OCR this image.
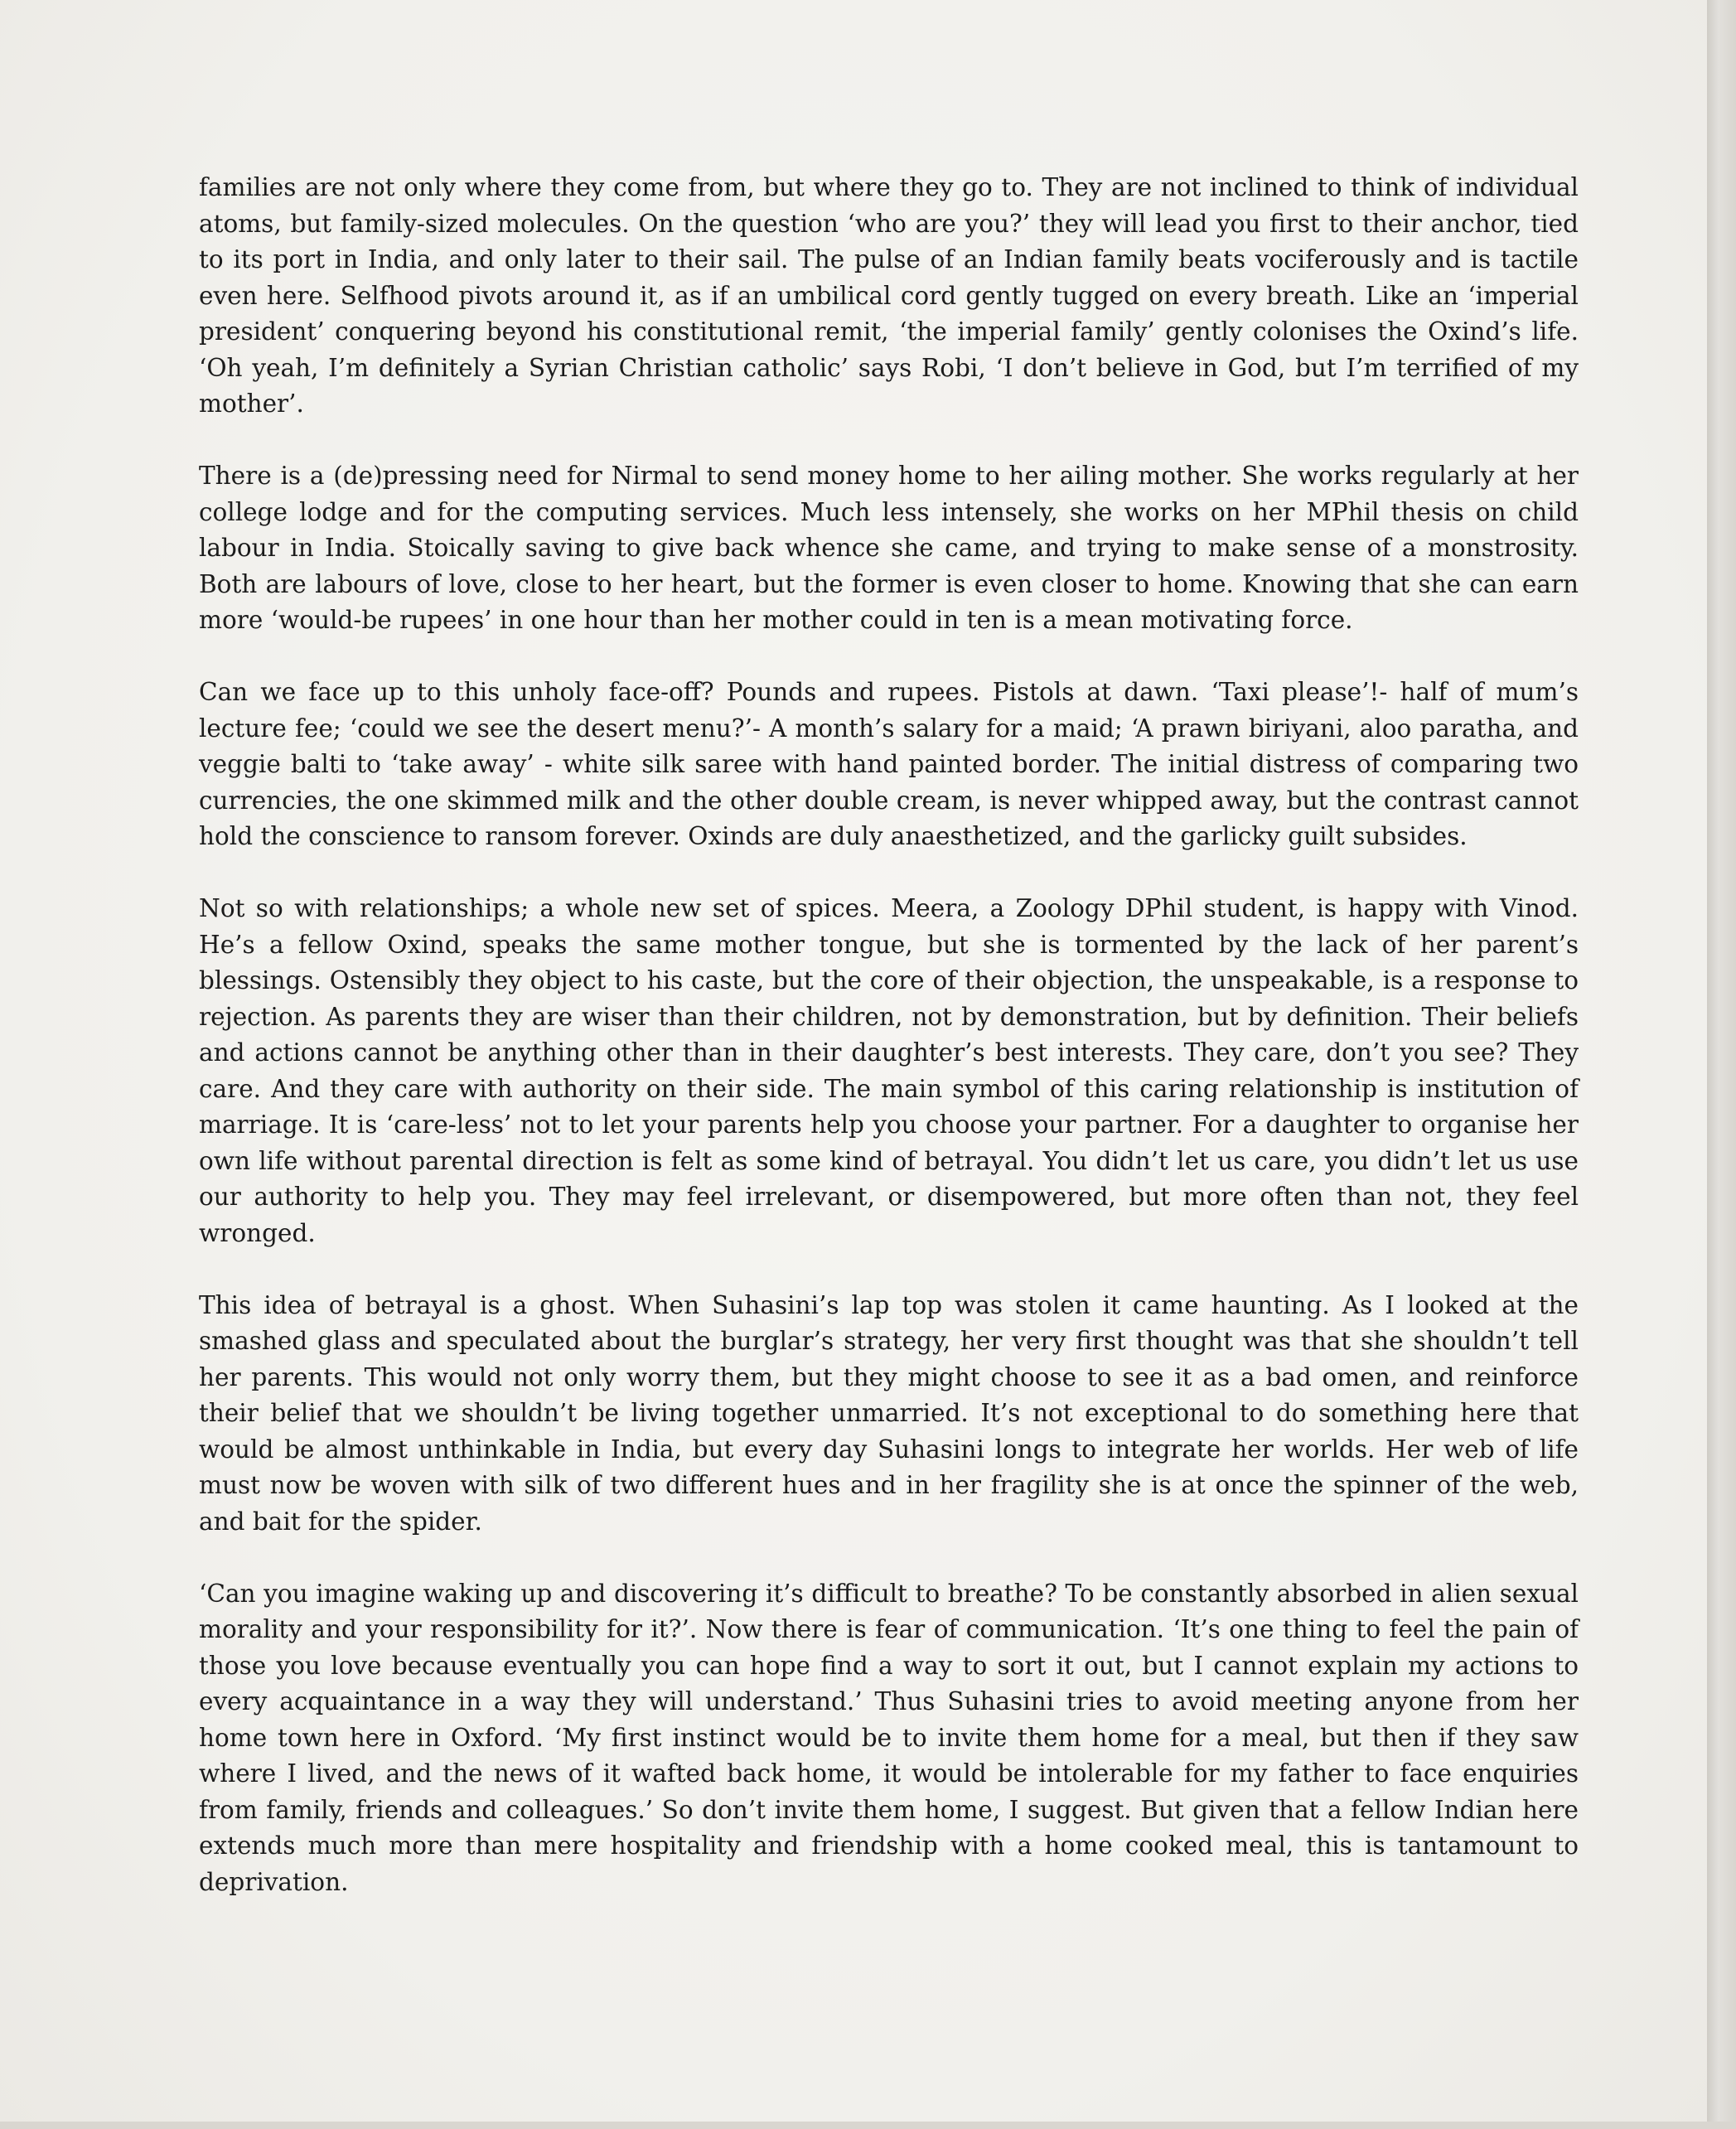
families are not only where they come from, but where they go to. They are not inclined to think of individual atoms, but family-sized molecules. On the question ‘who are you?’ they will lead you first to their anchor, tied to its port in India, and only later to their sail. The pulse of an Indian family beats vociferously and is tactile even here. Selfhood pivots around it, as if an umbilical cord gently tugged on every breath. Like an ‘imperial president’ conquering beyond his constitutional remit, ‘the imperial family’ gently colonises the Oxind’s life. ‘Oh yeah, I’m definitely a Syrian Christian catholic’ says Robi, ‘I don’t believe in God, but I’m terrified of my mother’.

There is a (de)pressing need for Nirmal to send money home to her ailing mother. She works regularly at her college lodge and for the computing services. Much less intensely, she works on her MPhil thesis on child labour in India. Stoically saving to give back whence she came, and trying to make sense of a monstrosity. Both are labours of love, close to her heart, but the former is even closer to home. Knowing that she can earn more ‘would-be rupees’ in one hour than her mother could in ten is a mean motivating force.

Can we face up to this unholy face-off? Pounds and rupees. Pistols at dawn. ‘Taxi please’!- half of mum’s lecture fee; ‘could we see the desert menu?’- A month’s salary for a maid; ‘A prawn biriyani, aloo paratha, and veggie balti to ‘take away’ - white silk saree with hand painted border. The initial distress of comparing two currencies, the one skimmed milk and the other double cream, is never whipped away, but the contrast cannot hold the conscience to ransom forever. Oxinds are duly anaesthetized, and the garlicky guilt subsides.

Not so with relationships; a whole new set of spices. Meera, a Zoology DPhil student, is happy with Vinod. He’s a fellow Oxind, speaks the same mother tongue, but she is tormented by the lack of her parent’s blessings. Ostensibly they object to his caste, but the core of their objection, the unspeakable, is a response to rejection. As parents they are wiser than their children, not by demonstration, but by definition. Their beliefs and actions cannot be anything other than in their daughter’s best interests. They care, don’t you see? They care. And they care with authority on their side. The main symbol of this caring relationship is institution of marriage. It is ‘care-less’ not to let your parents help you choose your partner. For a daughter to organise her own life without parental direction is felt as some kind of betrayal. You didn’t let us care, you didn’t let us use our authority to help you. They may feel irrelevant, or disempowered, but more often than not, they feel wronged.

This idea of betrayal is a ghost. When Suhasini’s lap top was stolen it came haunting. As I looked at the smashed glass and speculated about the burglar’s strategy, her very first thought was that she shouldn’t tell her parents. This would not only worry them, but they might choose to see it as a bad omen, and reinforce their belief that we shouldn’t be living together unmarried. It’s not exceptional to do something here that would be almost unthinkable in India, but every day Suhasini longs to integrate her worlds. Her web of life must now be woven with silk of two different hues and in her fragility she is at once the spinner of the web, and bait for the spider.

‘Can you imagine waking up and discovering it’s difficult to breathe? To be constantly absorbed in alien sexual morality and your responsibility for it?’. Now there is fear of communication. ‘It’s one thing to feel the pain of those you love because eventually you can hope find a way to sort it out, but I cannot explain my actions to every acquaintance in a way they will understand.’ Thus Suhasini tries to avoid meeting anyone from her home town here in Oxford. ‘My first instinct would be to invite them home for a meal, but then if they saw where I lived, and the news of it wafted back home, it would be intolerable for my father to face enquiries from family, friends and colleagues.’ So don’t invite them home, I suggest. But given that a fellow Indian here extends much more than mere hospitality and friendship with a home cooked meal, this is tantamount to deprivation.
